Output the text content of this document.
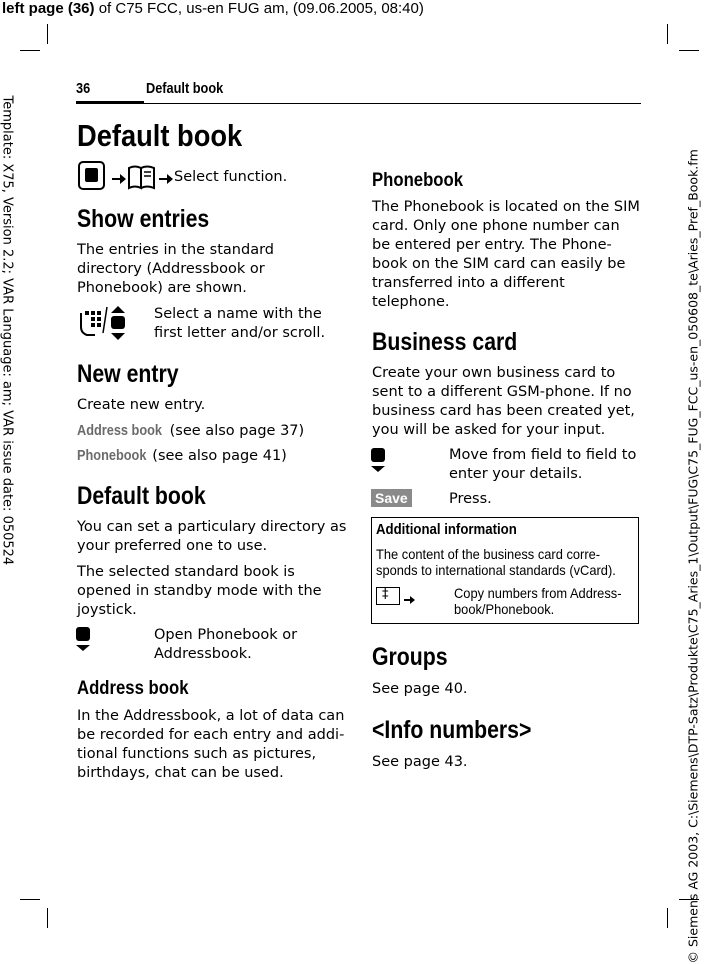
left page (36) of C75 FCC, us-en FUG am, (09.06.2005, 08:40)
Template: X75, Version 2.2; VAR Language: am; VAR issue date: 050524	© Siemens AG 2003, C:\Siemens\DTP-Satz\Produkte\C75_Aries_1\Output\FUG\C75_FUG_FCC_us-en_050608_te\Aries_Pref_Book.fm
36	Default book
Default book
Select function.
Show entries
The entries in the standard directory (Addressbook or Phonebook) are shown.
Select a name with the first letter and/or scroll.
New entry
Create new entry.
Address book (see also page 37)
Phonebook (see also page 41)
Default book
You can set a particulary directory as your preferred one to use.
The selected standard book is opened in standby mode with the joystick.
Open Phonebook or Addressbook.
Address book
In the Addressbook, a lot of data can be recorded for each entry and addi-tional functions such as pictures, birthdays, chat can be used.
Phonebook
The Phonebook is located on the SIM card. Only one phone number can be entered per entry. The Phone-book on the SIM card can easily be transferred into a different telephone.
Business card
Create your own business card to sent to a different GSM-phone. If no business card has been created yet, you will be asked for your input.
Move from field to field to enter your details.
Save	Press.
Additional information
The content of the business card corre-sponds to international standards (vCard).
‡	Copy numbers from Address-book/Phonebook.
Groups
See page 40.
<Info numbers>
See page 43.
